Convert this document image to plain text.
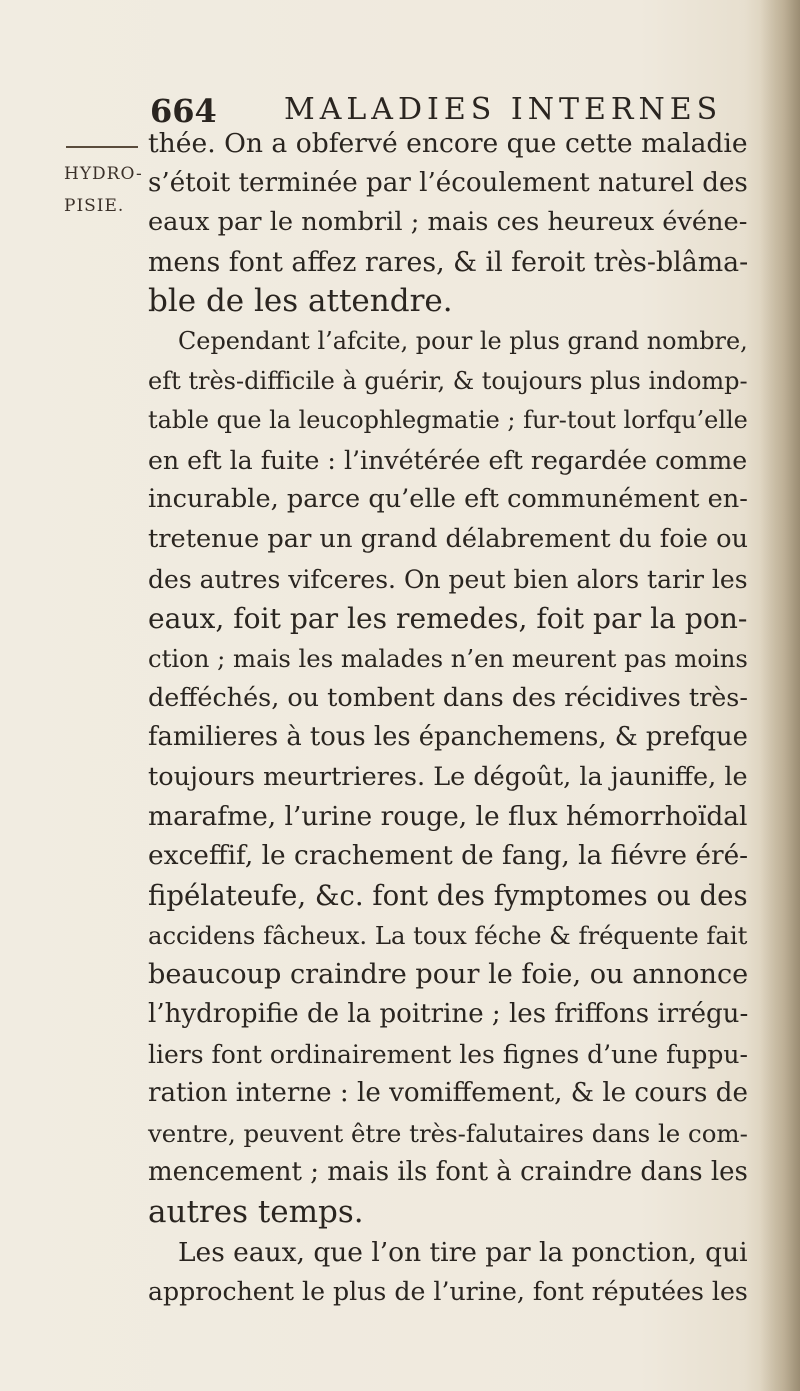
664 MALADIES INTERNES
HYDRO-
PISIE.
thée. On a obfervé encore que cette maladie
s’étoit terminée par l’écoulement naturel des
eaux par le nombril ; mais ces heureux événe-
mens font affez rares, & il feroit très-blâma-
ble de les attendre.
Cependant l’afcite, pour le plus grand nombre,
eft très-difficile à guérir, & toujours plus indomp-
table que la leucophlegmatie ; fur-tout lorfqu’elle
en eft la fuite : l’invétérée eft regardée comme
incurable, parce qu’elle eft communément en-
tretenue par un grand délabrement du foie ou
des autres vifceres. On peut bien alors tarir les
eaux, foit par les remedes, foit par la pon-
ction ; mais les malades n’en meurent pas moins
defféchés, ou tombent dans des récidives très-
familieres à tous les épanchemens, & prefque
toujours meurtrieres. Le dégoût, la jauniffe, le
marafme, l’urine rouge, le flux hémorrhoïdal
exceffif, le crachement de fang, la fiévre éré-
fipélateufe, &c. font des fymptomes ou des
accidens fâcheux. La toux féche & fréquente fait
beaucoup craindre pour le foie, ou annonce
l’hydropifie de la poitrine ; les friffons irrégu-
liers font ordinairement les fignes d’une fuppu-
ration interne : le vomiffement, & le cours de
ventre, peuvent être très-falutaires dans le com-
mencement ; mais ils font à craindre dans les
autres temps.
Les eaux, que l’on tire par la ponction, qui
approchent le plus de l’urine, font réputées les
